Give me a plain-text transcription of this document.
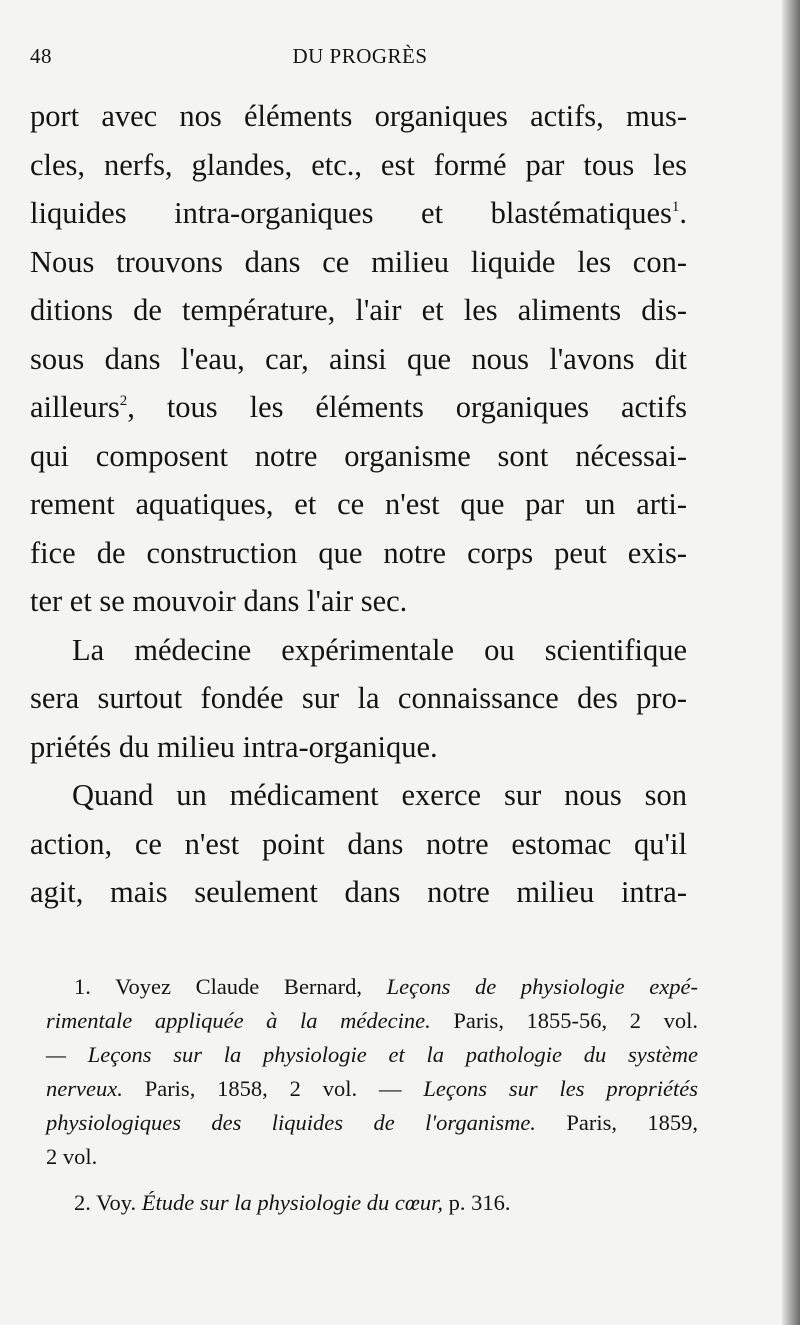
48	DU PROGRÈS
port avec nos éléments organiques actifs, mus-
cles, nerfs, glandes, etc., est formé par tous les
liquides intra-organiques et blastématiques$^1$.
Nous trouvons dans ce milieu liquide les con-
ditions de température, l'air et les aliments dis-
sous dans l'eau, car, ainsi que nous l'avons dit
ailleurs$^2$, tous les éléments organiques actifs
qui composent notre organisme sont nécessai-
rement aquatiques, et ce n'est que par un arti-
fice de construction que notre corps peut exis-
ter et se mouvoir dans l'air sec.
La médecine expérimentale ou scientifique
sera surtout fondée sur la connaissance des pro-
priétés du milieu intra-organique.
Quand un médicament exerce sur nous son
action, ce n'est point dans notre estomac qu'il
agit, mais seulement dans notre milieu intra-
1. Voyez Claude Bernard, Leçons de physiologie expé-
rimentale appliquée à la médecine. Paris, 1855-56, 2 vol.
— Leçons sur la physiologie et la pathologie du système
nerveux. Paris, 1858, 2 vol. — Leçons sur les propriétés
physiologiques des liquides de l'organisme. Paris, 1859,
2 vol.
2. Voy. Étude sur la physiologie du cœur, p. 316.
